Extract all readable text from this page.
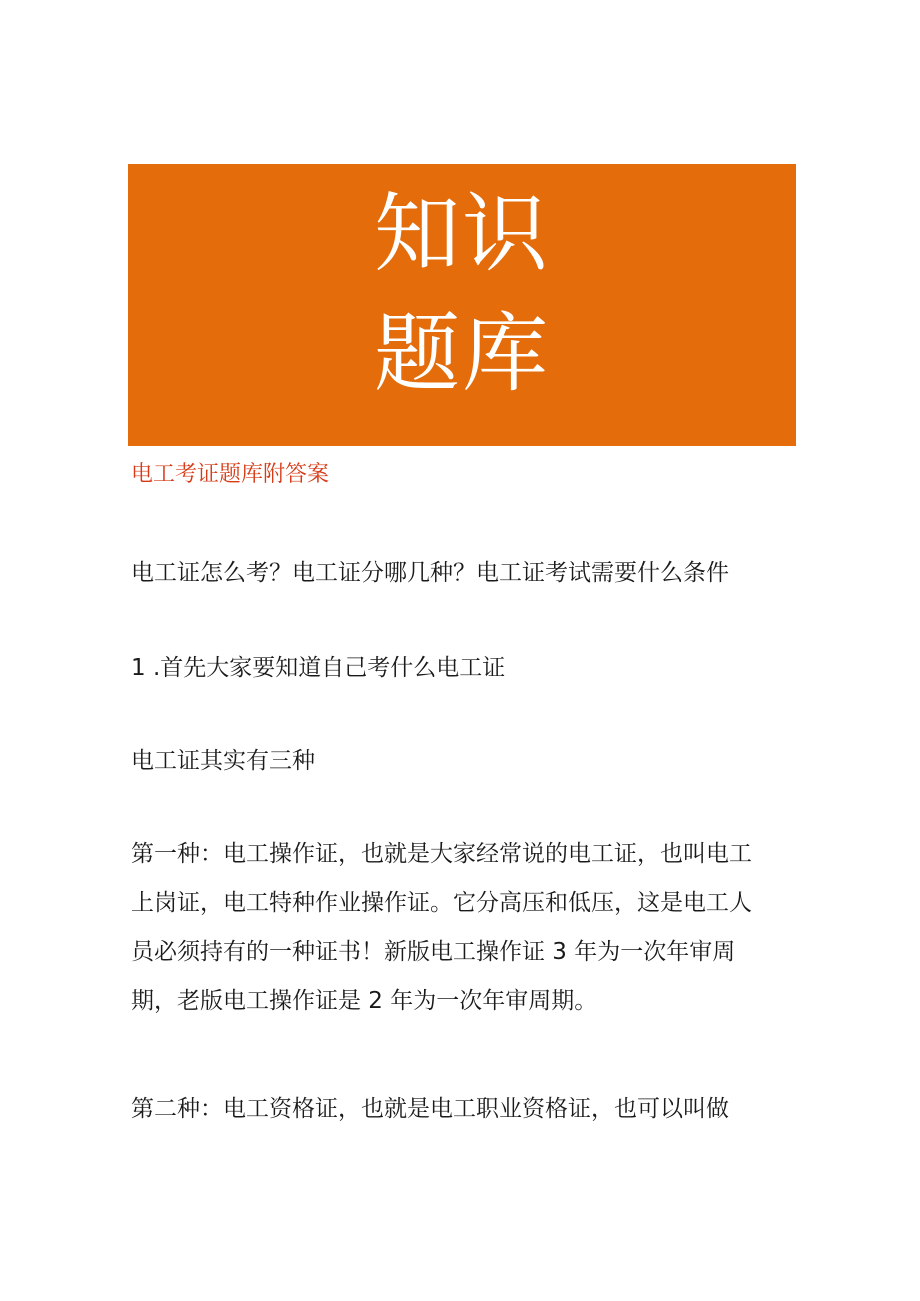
知识
题库
电工考证题库附答案
电工证怎么考？电工证分哪几种？电工证考试需要什么条件
1 .首先大家要知道自己考什么电工证
电工证其实有三种
第一种：电工操作证，也就是大家经常说的电工证，也叫电工
上岗证，电工特种作业操作证。它分高压和低压，这是电工人
员必须持有的一种证书！新版电工操作证 3 年为一次年审周
期，老版电工操作证是 2 年为一次年审周期。
第二种：电工资格证，也就是电工职业资格证，也可以叫做
